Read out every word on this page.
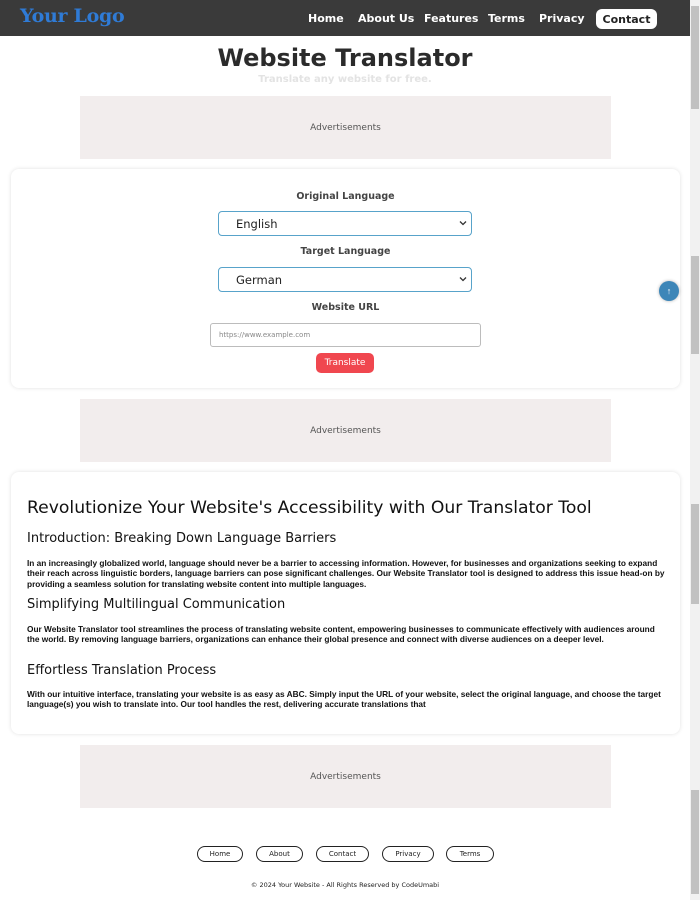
Your Logo	Home About Us Features Terms Privacy	Contact
Website Translator
Translate any website for free.
Advertisements
Original Language
English
Target Language
German
Website URL
https://www.example.com
Translate
↑
Advertisements
Revolutionize Your Website's Accessibility with Our Translator Tool
Introduction: Breaking Down Language Barriers

In an increasingly globalized world, language should never be a barrier to accessing information. However, for businesses and organizations seeking to expand their reach across linguistic borders, language barriers can pose significant challenges. Our Website Translator tool is designed to address this issue head-on by providing a seamless solution for translating website content into multiple languages.

Simplifying Multilingual Communication

Our Website Translator tool streamlines the process of translating website content, empowering businesses to communicate effectively with audiences around the world. By removing language barriers, organizations can enhance their global presence and connect with diverse audiences on a deeper level.

Effortless Translation Process

With our intuitive interface, translating your website is as easy as ABC. Simply input the URL of your website, select the original language, and choose the target language(s) you wish to translate into. Our tool handles the rest, delivering accurate translations that

Advertisements
Home	About	Contact	Privacy	Terms
© 2024 Your Website - All Rights Reserved by CodeUmabi
